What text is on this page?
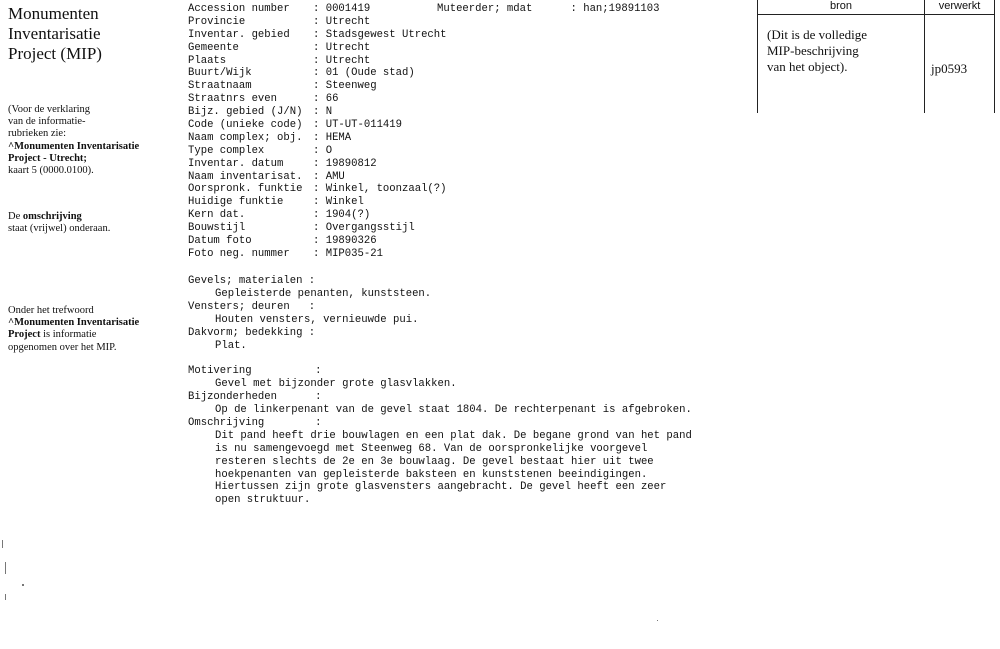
Monumenten
Inventarisatie
Project (MIP)
(Voor de verklaring
van de informatie-
rubrieken zie:
^Monumenten Inventarisatie
Project - Utrecht;
kaart 5 (0000.0100).
De omschrijving
staat (vrijwel) onderaan.
Onder het trefwoord
^Monumenten Inventarisatie
Project is informatie
opgenomen over het MIP.
Accession number : 0001419
Provincie	: Utrecht
Inventar. gebied : Stadsgewest Utrecht
Gemeente	: Utrecht
Plaats	: Utrecht
Buurt/Wijk	: 01 (Oude stad)
Straatnaam	: Steenweg
Straatnrs even	: 66
Bijz. gebied (J/N) : N
Code (unieke code) : UT-UT-011419
Naam complex; obj. : HEMA
Type complex	: O
Inventar. datum	: 19890812
Naam inventarisat. : AMU
Oorspronk. funktie : Winkel, toonzaal(?)
Huidige funktie	: Winkel
Kern dat.	: 1904(?)
Bouwstijl	: Overgangsstijl
Datum foto	: 19890326
Foto neg. nummer : MIP035-21
Muteerder; mdat      : han;19891103
Gevels; materialen :
Gepleisterde penanten, kunststeen.
Vensters; deuren   :
Houten vensters, vernieuwde pui.
Dakvorm; bedekking :
Plat.
Motivering          :
Gevel met bijzonder grote glasvlakken.
Bijzonderheden      :
Op de linkerpenant van de gevel staat 1804. De rechterpenant is afgebroken.
Omschrijving        :
Dit pand heeft drie bouwlagen en een plat dak. De begane grond van het pand
is nu samengevoegd met Steenweg 68. Van de oorspronkelijke voorgevel
resteren slechts de 2e en 3e bouwlaag. De gevel bestaat hier uit twee
hoekpenanten van gepleisterde baksteen en kunststenen beeindigingen.
Hiertussen zijn grote glasvensters aangebracht. De gevel heeft een zeer
open struktuur.
bron	verwerkt
(Dit is de volledige
MIP-beschrijving
van het object).	jp0593
